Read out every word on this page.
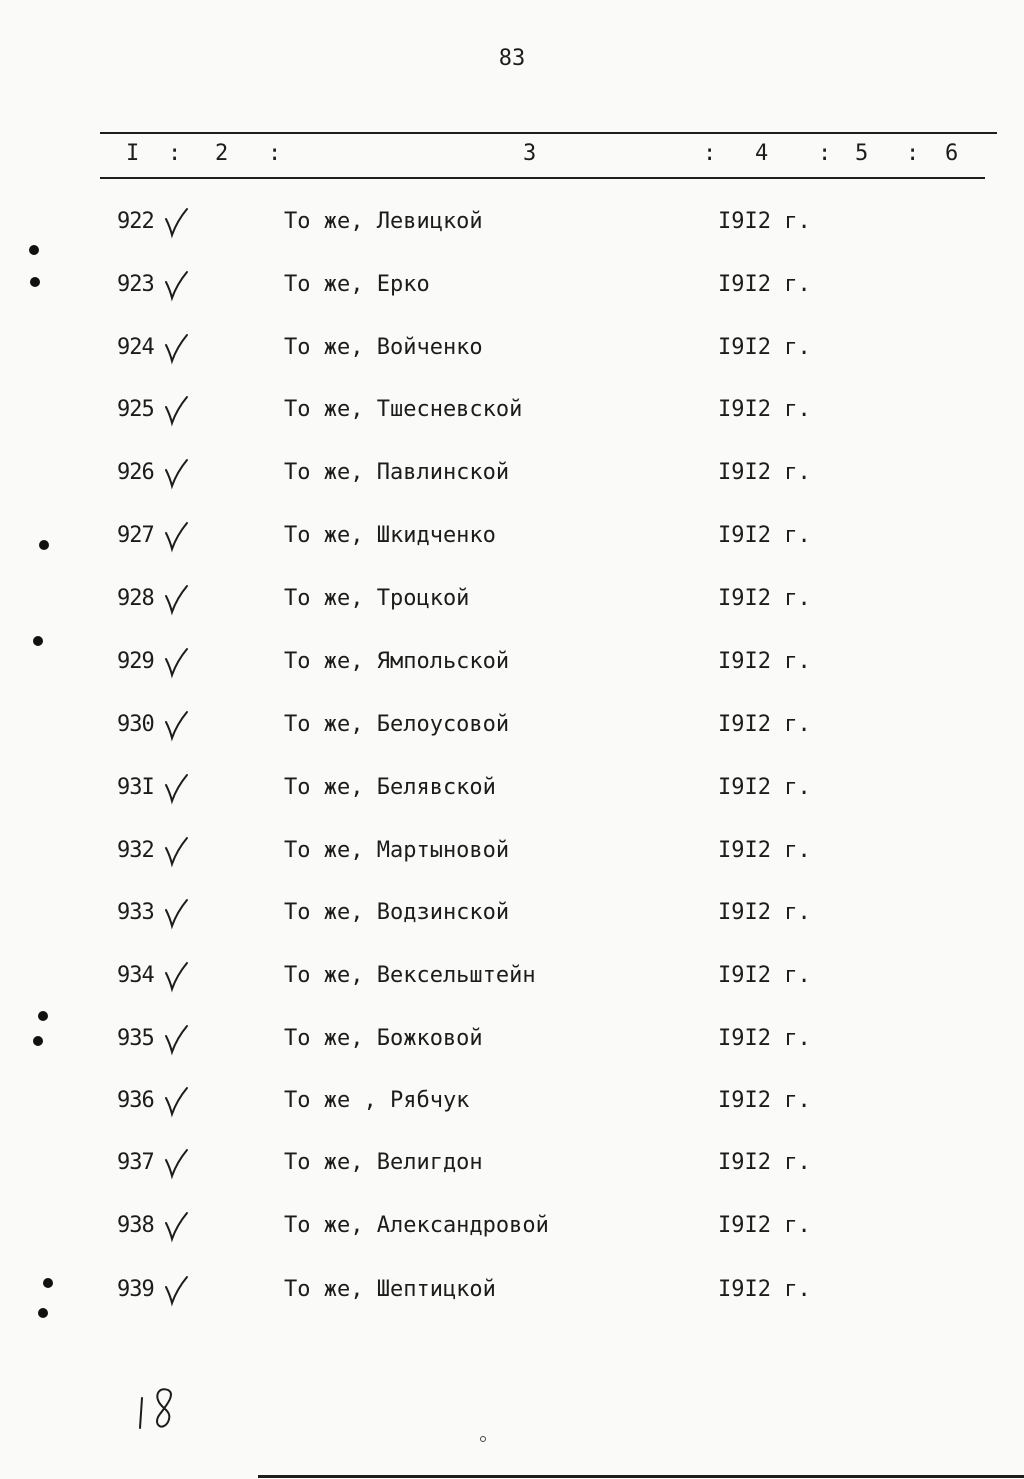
83
I : 2 :	3	: 4 : 5 : 6
922	То же, Левицкой	I9I2 г.
923	То же, Ерко	I9I2 г.
924	То же, Войченко	I9I2 г.
925	То же, Тшесневской	I9I2 г.
926	То же, Павлинской	I9I2 г.
927	То же, Шкидченко	I9I2 г.
928	То же, Троцкой	I9I2 г.
929	То же, Ямпольской	I9I2 г.
930	То же, Белоусовой	I9I2 г.
93I	То же, Белявской	I9I2 г.
932	То же, Мартыновой	I9I2 г.
933	То же, Водзинской	I9I2 г.
934	То же, Вексельштейн	I9I2 г.
935	То же, Божковой	I9I2 г.
936	То же , Рябчук	I9I2 г.
937	То же, Велигдон	I9I2 г.
938	То же, Александровой	I9I2 г.
939	То же, Шептицкой	I9I2 г.
